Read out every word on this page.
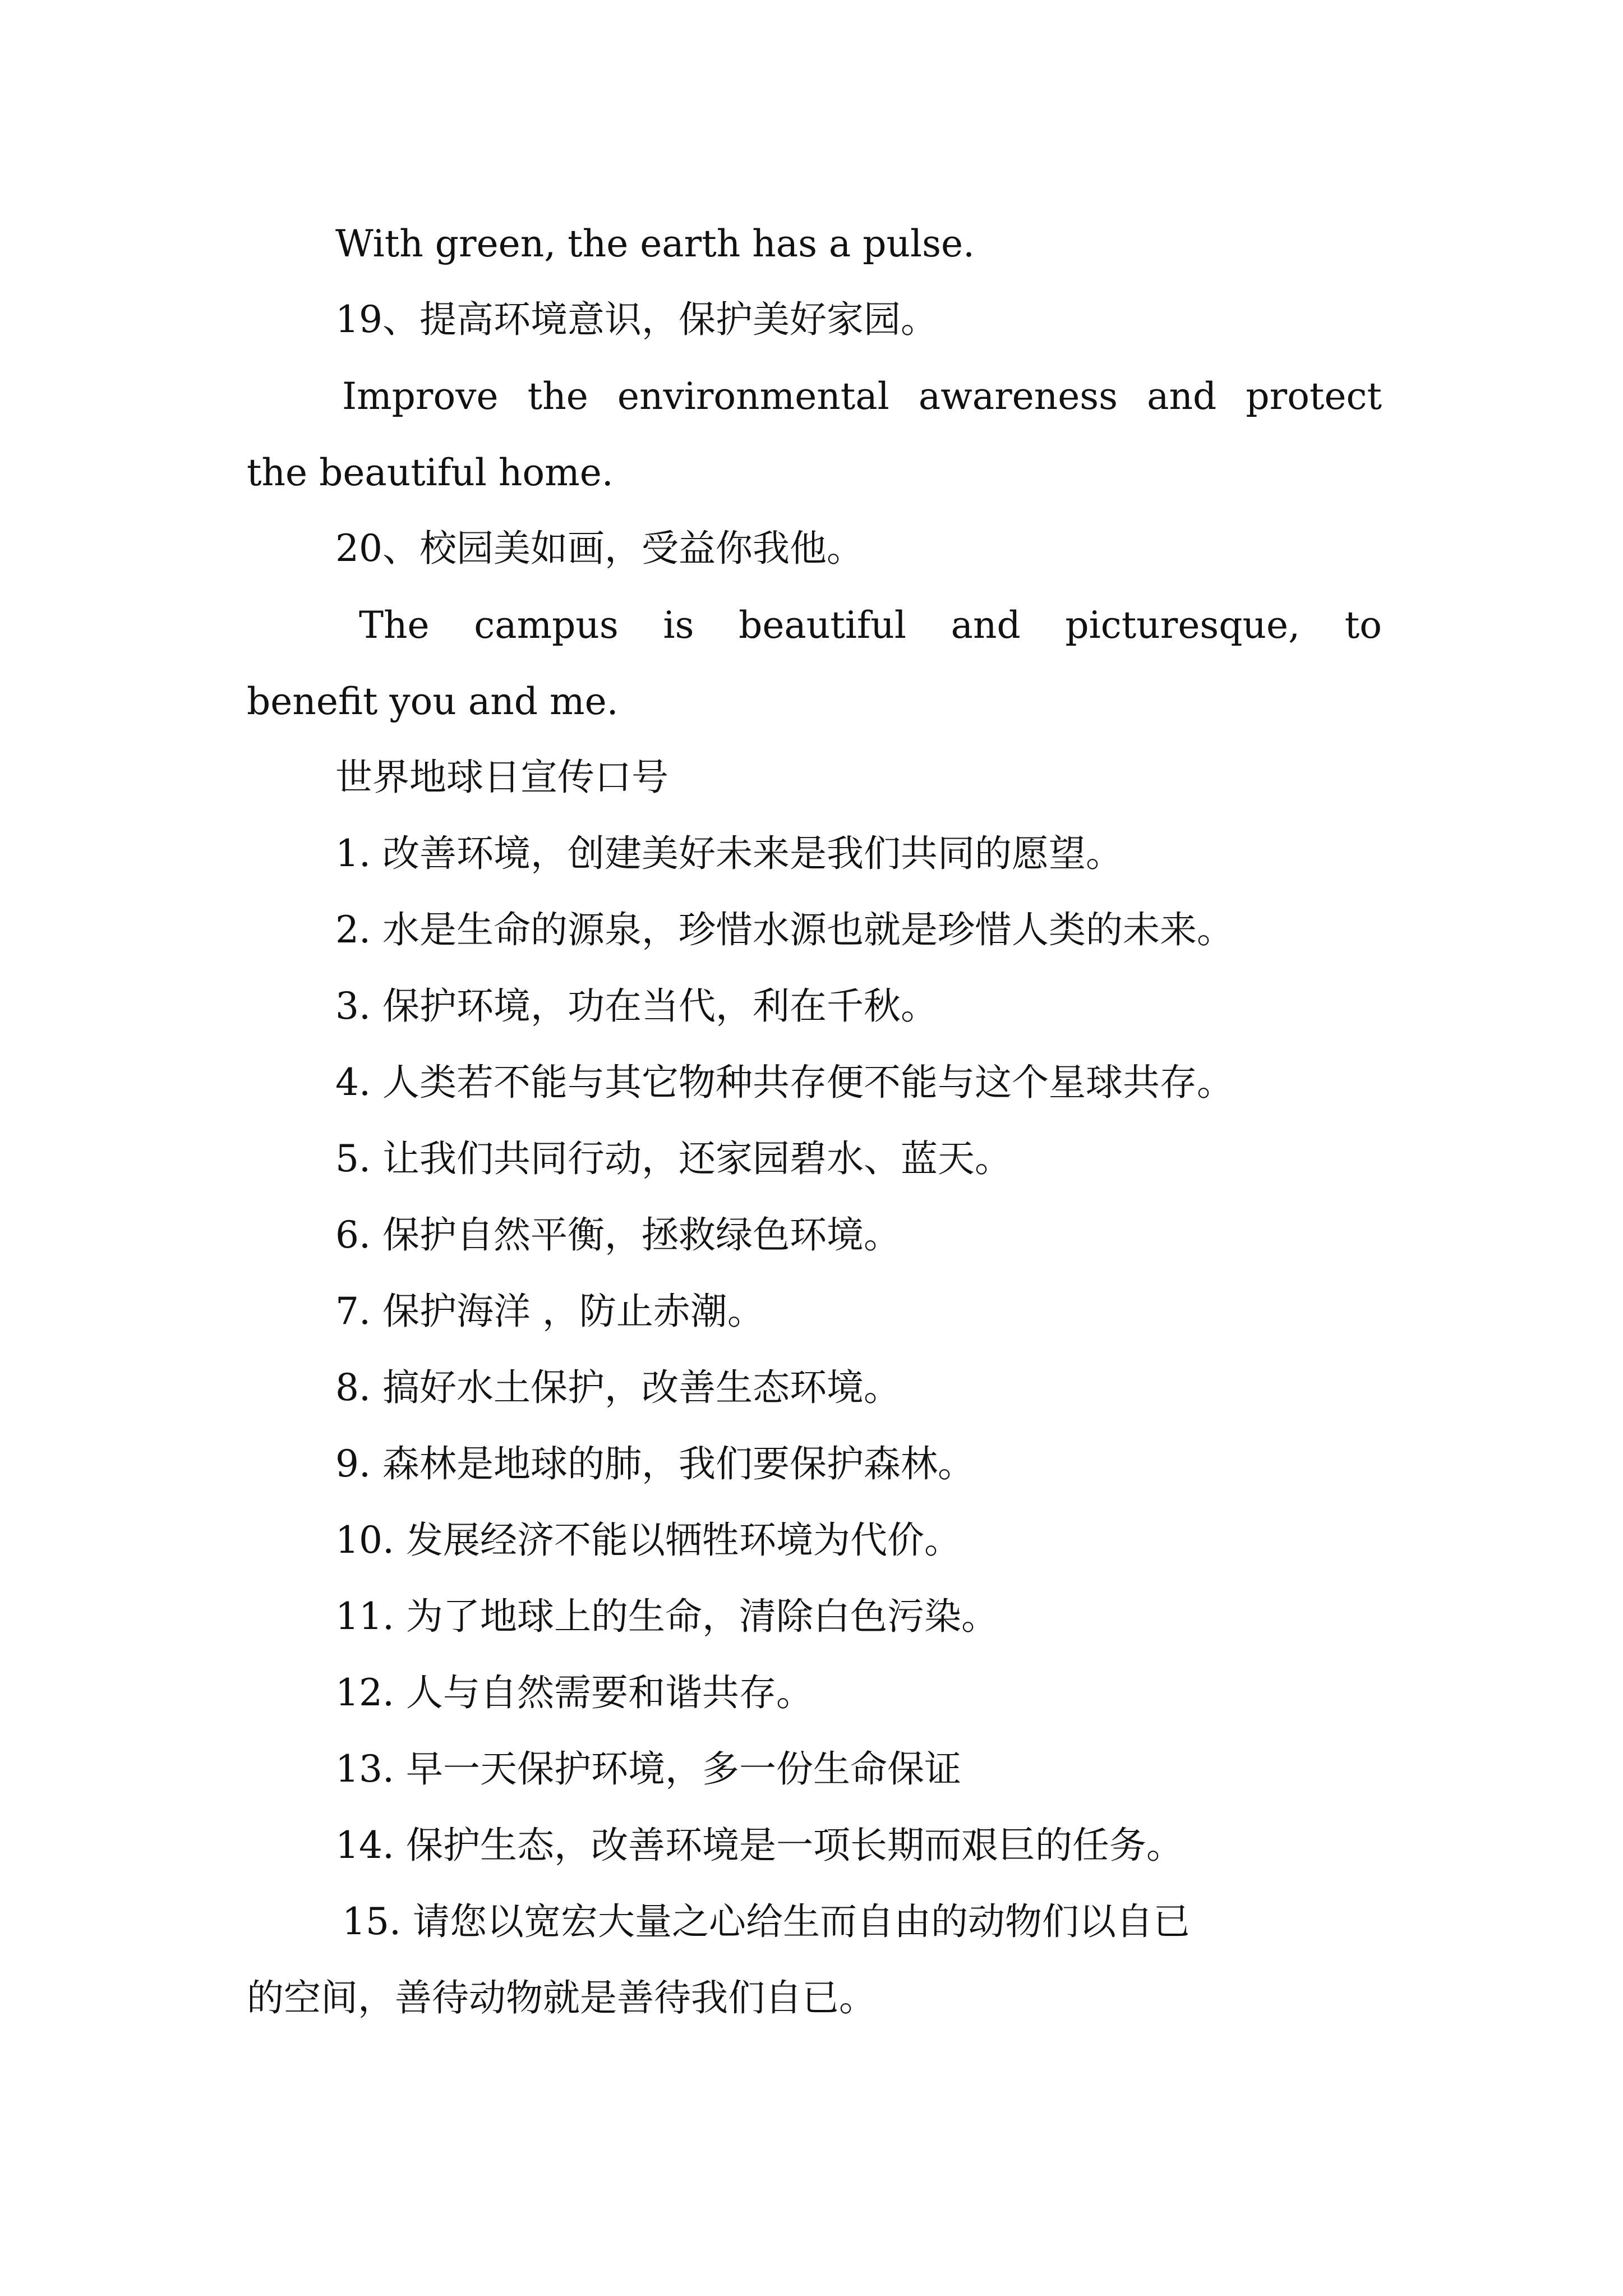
With green, the earth has a pulse.
19、提高环境意识，保护美好家园。
Improve the environmental awareness and protect
the beautiful home.
20、校园美如画，受益你我他。
The campus is beautiful and picturesque, to
benefit you and me.
世界地球日宣传口号
1. 改善环境，创建美好未来是我们共同的愿望。
2. 水是生命的源泉，珍惜水源也就是珍惜人类的未来。
3. 保护环境，功在当代，利在千秋。
4. 人类若不能与其它物种共存便不能与这个星球共存。
5. 让我们共同行动，还家园碧水、蓝天。
6. 保护自然平衡，拯救绿色环境。
7. 保护海洋 ，防止赤潮。
8. 搞好水土保护，改善生态环境。
9. 森林是地球的肺，我们要保护森林。
10. 发展经济不能以牺牲环境为代价。
11. 为了地球上的生命，清除白色污染。
12. 人与自然需要和谐共存。
13. 早一天保护环境，多一份生命保证
14. 保护生态，改善环境是一项长期而艰巨的任务。
15. 请您以宽宏大量之心给生而自由的动物们以自已
的空间，善待动物就是善待我们自已。
